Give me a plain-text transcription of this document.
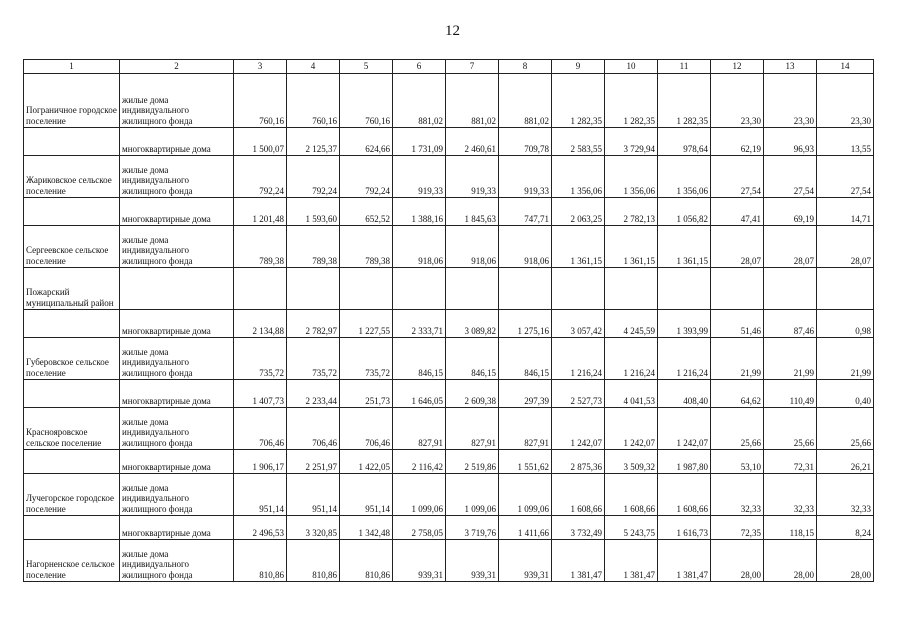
12
1	2	3	4	5	6	7	8	9	10	11	12	13	14
Пограничное городское поселение	жилые дома индивидуального жилищного фонда	760,16	760,16	760,16	881,02	881,02	881,02	1 282,35	1 282,35	1 282,35	23,30	23,30	23,30
	многоквартирные дома	1 500,07	2 125,37	624,66	1 731,09	2 460,61	709,78	2 583,55	3 729,94	978,64	62,19	96,93	13,55
Жариковское сельское поселение	жилые дома индивидуального жилищного фонда	792,24	792,24	792,24	919,33	919,33	919,33	1 356,06	1 356,06	1 356,06	27,54	27,54	27,54
	многоквартирные дома	1 201,48	1 593,60	652,52	1 388,16	1 845,63	747,71	2 063,25	2 782,13	1 056,82	47,41	69,19	14,71
Сергеевское сельское поселение	жилые дома индивидуального жилищного фонда	789,38	789,38	789,38	918,06	918,06	918,06	1 361,15	1 361,15	1 361,15	28,07	28,07	28,07
Пожарский муниципальный район													
	многоквартирные дома	2 134,88	2 782,97	1 227,55	2 333,71	3 089,82	1 275,16	3 057,42	4 245,59	1 393,99	51,46	87,46	0,98
Губеровское сельское поселение	жилые дома индивидуального жилищного фонда	735,72	735,72	735,72	846,15	846,15	846,15	1 216,24	1 216,24	1 216,24	21,99	21,99	21,99
	многоквартирные дома	1 407,73	2 233,44	251,73	1 646,05	2 609,38	297,39	2 527,73	4 041,53	408,40	64,62	110,49	0,40
Краснояровское сельское поселение	жилые дома индивидуального жилищного фонда	706,46	706,46	706,46	827,91	827,91	827,91	1 242,07	1 242,07	1 242,07	25,66	25,66	25,66
	многоквартирные дома	1 906,17	2 251,97	1 422,05	2 116,42	2 519,86	1 551,62	2 875,36	3 509,32	1 987,80	53,10	72,31	26,21
Лучегорское городское поселение	жилые дома индивидуального жилищного фонда	951,14	951,14	951,14	1 099,06	1 099,06	1 099,06	1 608,66	1 608,66	1 608,66	32,33	32,33	32,33
	многоквартирные дома	2 496,53	3 320,85	1 342,48	2 758,05	3 719,76	1 411,66	3 732,49	5 243,75	1 616,73	72,35	118,15	8,24
Нагорненское сельское поселение	жилые дома индивидуального жилищного фонда	810,86	810,86	810,86	939,31	939,31	939,31	1 381,47	1 381,47	1 381,47	28,00	28,00	28,00
